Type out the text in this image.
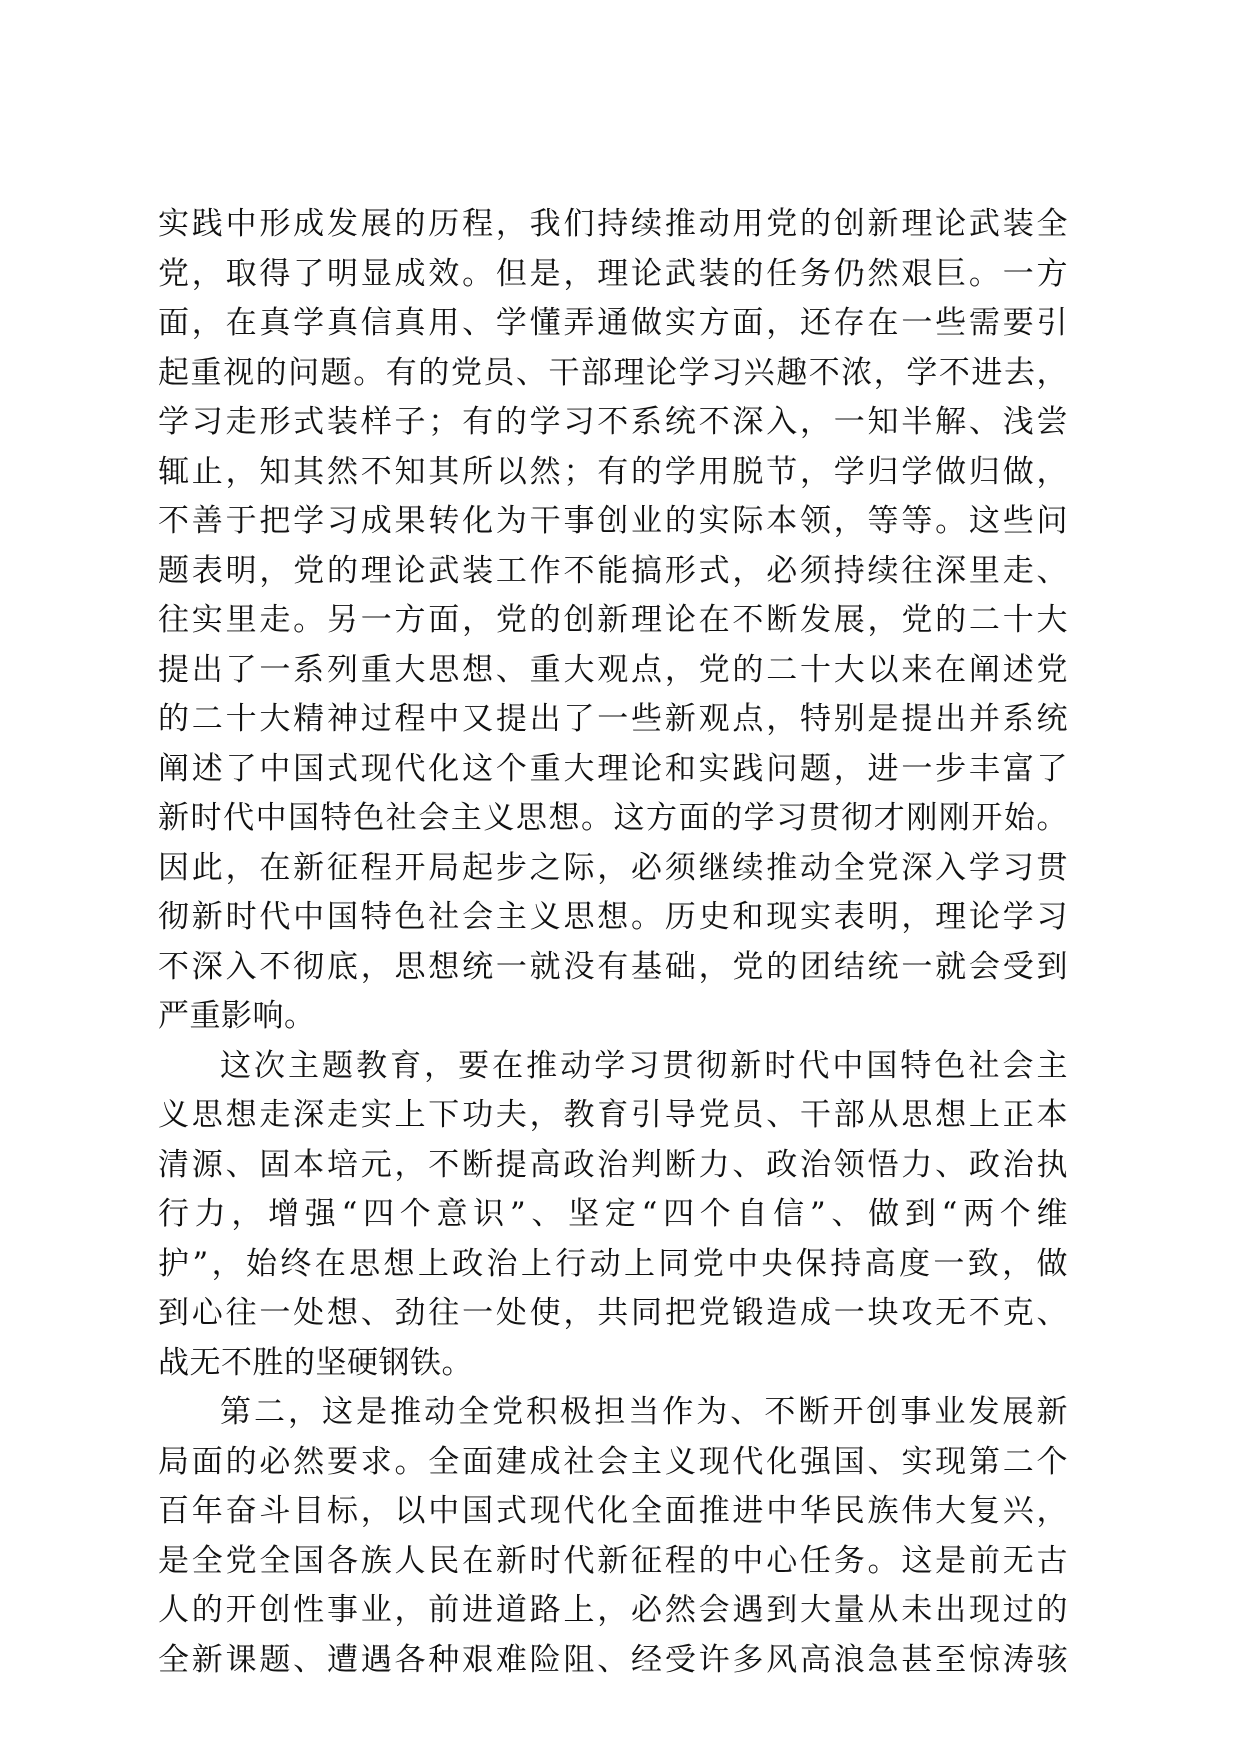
实践中形成发展的历程，我们持续推动用党的创新理论武装全
党，取得了明显成效。但是，理论武装的任务仍然艰巨。一方
面，在真学真信真用、学懂弄通做实方面，还存在一些需要引
起重视的问题。有的党员、干部理论学习兴趣不浓，学不进去，
学习走形式装样子；有的学习不系统不深入，一知半解、浅尝
辄止，知其然不知其所以然；有的学用脱节，学归学做归做，
不善于把学习成果转化为干事创业的实际本领，等等。这些问
题表明，党的理论武装工作不能搞形式，必须持续往深里走、
往实里走。另一方面，党的创新理论在不断发展，党的二十大
提出了一系列重大思想、重大观点，党的二十大以来在阐述党
的二十大精神过程中又提出了一些新观点，特别是提出并系统
阐述了中国式现代化这个重大理论和实践问题，进一步丰富了
新时代中国特色社会主义思想。这方面的学习贯彻才刚刚开始。
因此，在新征程开局起步之际，必须继续推动全党深入学习贯
彻新时代中国特色社会主义思想。历史和现实表明，理论学习
不深入不彻底，思想统一就没有基础，党的团结统一就会受到
严重影响。
这次主题教育，要在推动学习贯彻新时代中国特色社会主
义思想走深走实上下功夫，教育引导党员、干部从思想上正本
清源、固本培元，不断提高政治判断力、政治领悟力、政治执
行力，增强“四个意识”、坚定“四个自信”、做到“两个维
护”，始终在思想上政治上行动上同党中央保持高度一致，做
到心往一处想、劲往一处使，共同把党锻造成一块攻无不克、
战无不胜的坚硬钢铁。
第二，这是推动全党积极担当作为、不断开创事业发展新
局面的必然要求。全面建成社会主义现代化强国、实现第二个
百年奋斗目标，以中国式现代化全面推进中华民族伟大复兴，
是全党全国各族人民在新时代新征程的中心任务。这是前无古
人的开创性事业，前进道路上，必然会遇到大量从未出现过的
全新课题、遭遇各种艰难险阻、经受许多风高浪急甚至惊涛骇
